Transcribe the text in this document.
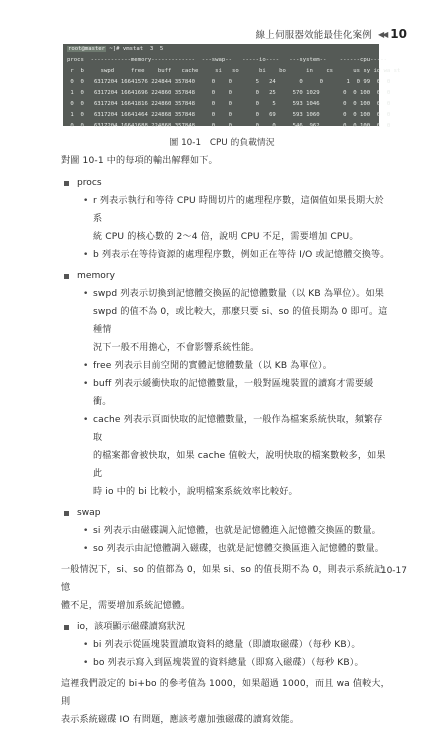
線上伺服器效能最佳化案例 ◀◀ 10
root@master ~]# vmstat  3  5
procs  ------------memory-------------  ---swap--   -----io----   ---system--    ------cpu-----
r  b     swpd     free    buff   cache     si   so      bi    bo      in    cs      us sy id wa st
0  0   6317204 16641576 224844 357840     0    0       5   24       0     0       1  0 99  0  0
1  0   6317204 16641696 224860 357848     0    0       0   25     570 1029       0  0 100  0  0
0  0   6317204 16641816 224860 357848     0    0       0    5     593 1046       0  0 100  0  0
1  0   6317204 16641464 224868 357848     0    0       0   69     593 1060       0  0 100  0  0
0  0   6317204 16641688 224868 357848     0    0       0    0     546  962       0  0 100  0  0
圖 10-1　CPU 的負載情況
對圖 10-1 中的每項的輸出解釋如下。
procs
• r 列表示執行和等待 CPU 時間切片的處理程序數，這個值如果長期大於系
統 CPU 的核心數的 2～4 倍，說明 CPU 不足，需要增加 CPU。
• b 列表示在等待資源的處理程序數，例如正在等待 I/O 或記憶體交換等。
memory
• swpd 列表示切換到記憶體交換區的記憶體數量（以 KB 為單位）。如果
swpd 的值不為 0，或比較大，那麼只要 si、so 的值長期為 0 即可。這種情
況下一般不用擔心，不會影響系統性能。
• free 列表示目前空閒的實體記憶體數量（以 KB 為單位）。
• buff 列表示緩衝快取的記憶體數量，一般對區塊裝置的讀寫才需要緩衝。
• cache 列表示頁面快取的記憶體數量，一般作為檔案系統快取，頻繁存取
的檔案都會被快取，如果 cache 值較大，說明快取的檔案數較多，如果此
時 io 中的 bi 比較小，說明檔案系統效率比較好。
swap
• si 列表示由磁碟調入記憶體，也就是記憶體進入記憶體交換區的數量。
• so 列表示由記憶體調入磁碟，也就是記憶體交換區進入記憶體的數量。
一般情況下，si、so 的值都為 0，如果 si、so 的值長期不為 0，則表示系統記憶
體不足，需要增加系統記憶體。
io，該項顯示磁碟讀寫狀況
• bi 列表示從區塊裝置讀取資料的總量（即讀取磁碟）（每秒 KB）。
• bo 列表示寫入到區塊裝置的資料總量（即寫入磁碟）（每秒 KB）。
這裡我們設定的 bi+bo 的參考值為 1000，如果超過 1000，而且 wa 值較大，則
表示系統磁碟 IO 有問題，應該考慮加強磁碟的讀寫效能。
10-17
